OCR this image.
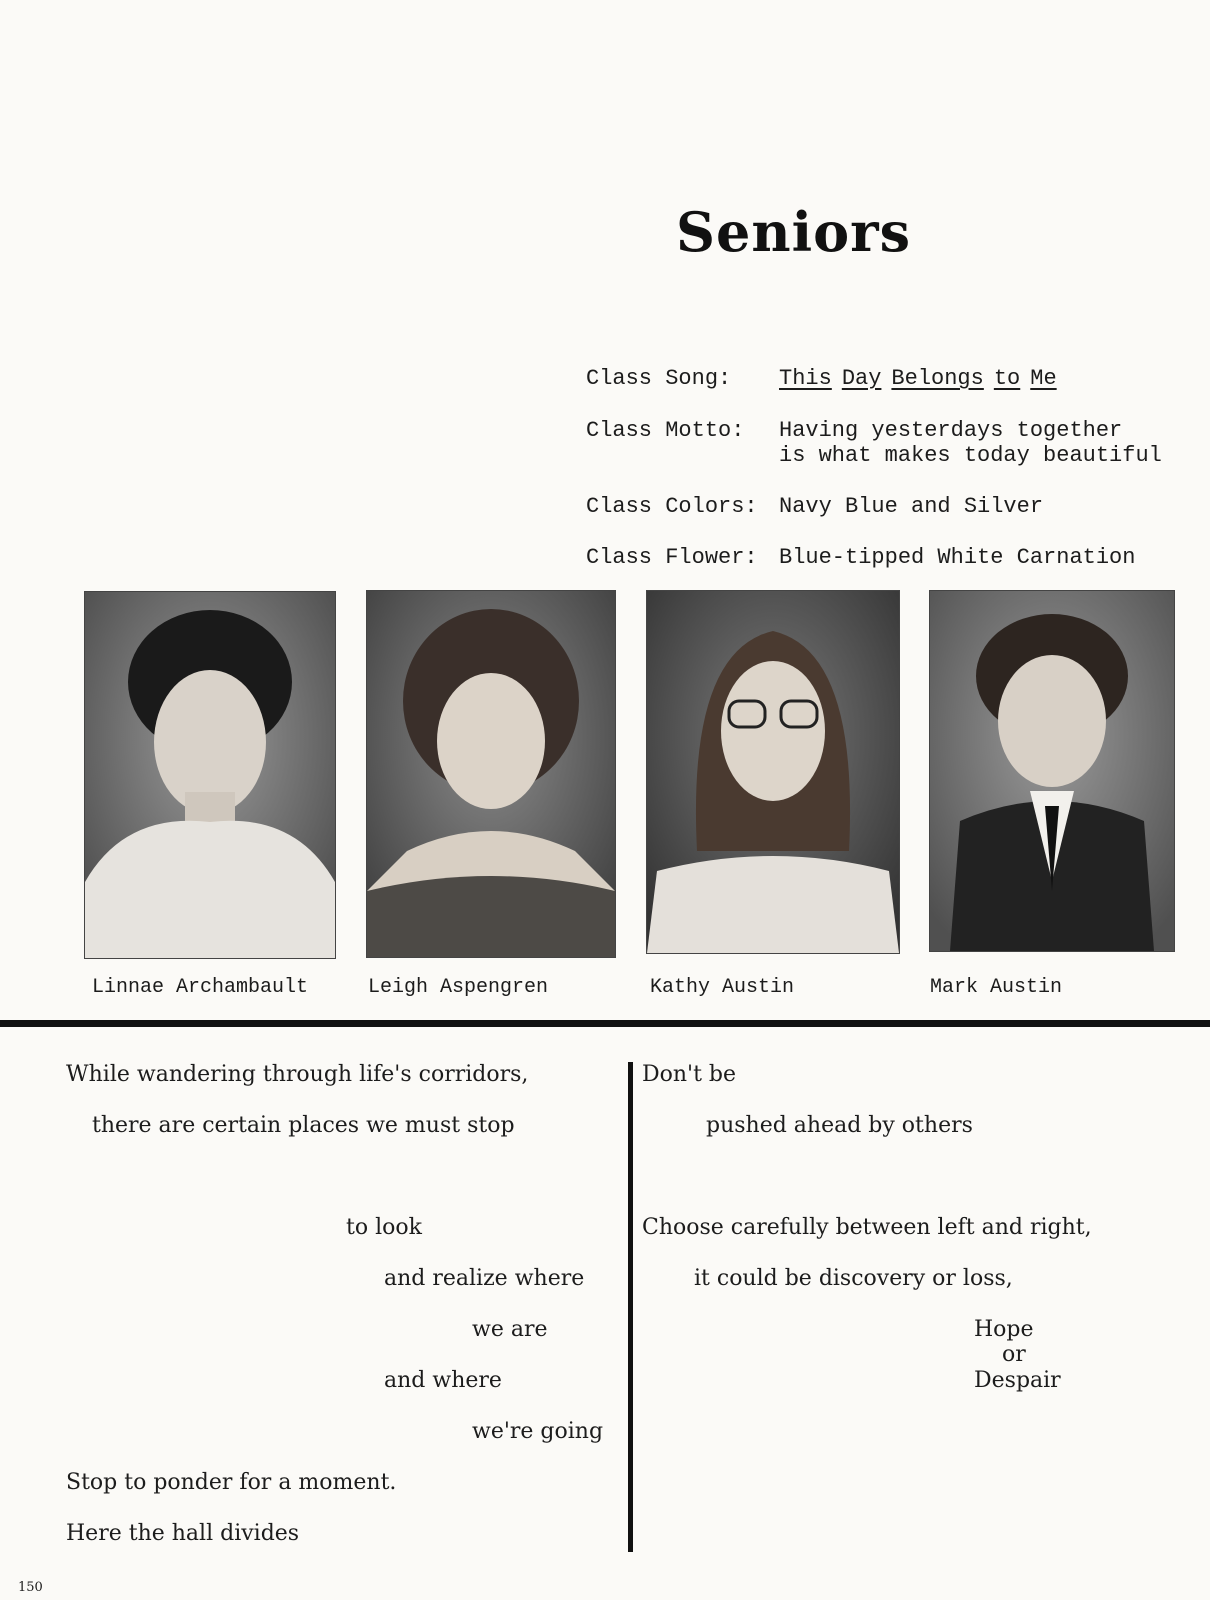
Seniors
Class Song: This Day Belongs to Me
Class Motto: Having yesterdays together
is what makes today beautiful
Class Colors: Navy Blue and Silver
Class Flower: Blue-tipped White Carnation
Linnae Archambault	Leigh Aspengren	Kathy Austin	Mark Austin
While wandering through life's corridors,
there are certain places we must stop
to look
and realize where
we are
and where
we're going
Stop to ponder for a moment.
Here the hall divides
Don't be
pushed ahead by others
Choose carefully between left and right,
it could be discovery or loss,
Hope
or
Despair
150
